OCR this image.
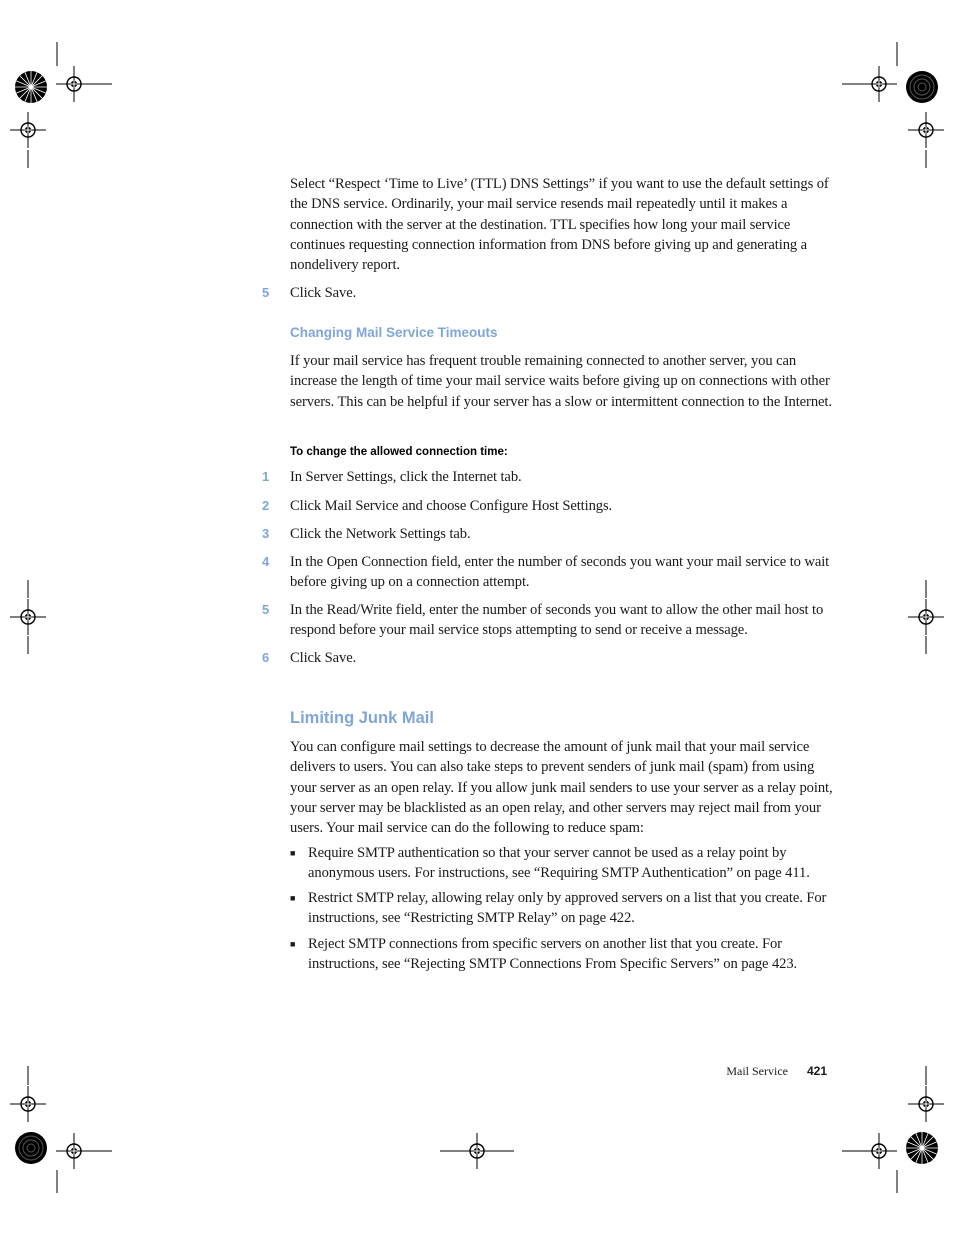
Select “Respect ‘Time to Live’ (TTL) DNS Settings” if you want to use the default settings of the DNS service. Ordinarily, your mail service resends mail repeatedly until it makes a connection with the server at the destination. TTL specifies how long your mail service continues requesting connection information from DNS before giving up and generating a nondelivery report.

5	Click Save.
Changing Mail Service Timeouts

If your mail service has frequent trouble remaining connected to another server, you can increase the length of time your mail service waits before giving up on connections with other servers. This can be helpful if your server has a slow or intermittent connection to the Internet.

To change the allowed connection time:
1	In Server Settings, click the Internet tab.
2	Click Mail Service and choose Configure Host Settings.
3	Click the Network Settings tab.
4	In the Open Connection field, enter the number of seconds you want your mail service to wait before giving up on a connection attempt.
5	In the Read/Write field, enter the number of seconds you want to allow the other mail host to respond before your mail service stops attempting to send or receive a message.
6	Click Save.
Limiting Junk Mail

You can configure mail settings to decrease the amount of junk mail that your mail service delivers to users. You can also take steps to prevent senders of junk mail (spam) from using your server as an open relay. If you allow junk mail senders to use your server as a relay point, your server may be blacklisted as an open relay, and other servers may reject mail from your users. Your mail service can do the following to reduce spam:

■ Require SMTP authentication so that your server cannot be used as a relay point by anonymous users. For instructions, see “Requiring SMTP Authentication” on page 411.
■ Restrict SMTP relay, allowing relay only by approved servers on a list that you create. For instructions, see “Restricting SMTP Relay” on page 422.
■ Reject SMTP connections from specific servers on another list that you create. For instructions, see “Rejecting SMTP Connections From Specific Servers” on page 423.
Mail Service 421
